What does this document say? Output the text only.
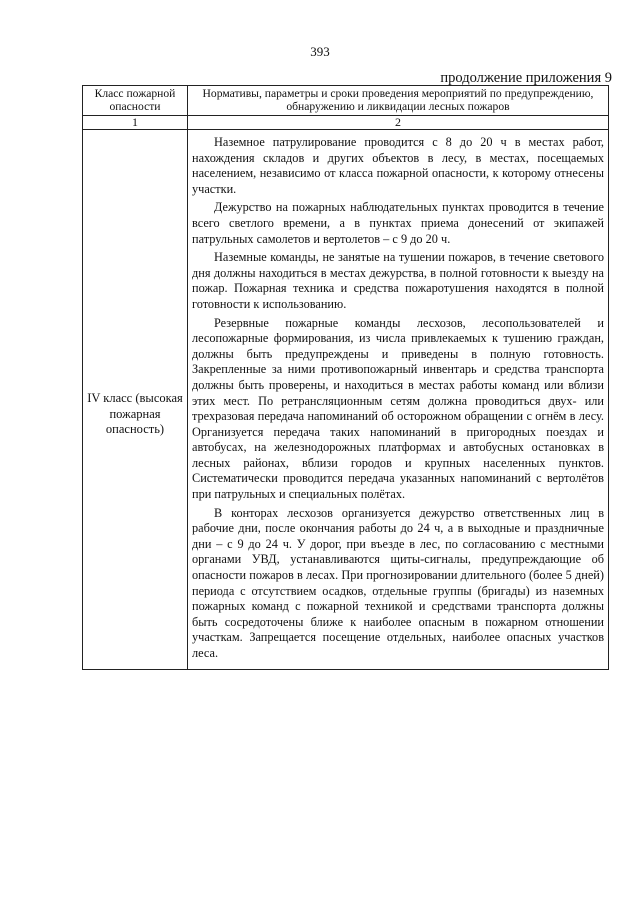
393
продолжение приложения 9
Класс пожарной опасности	Нормативы, параметры и сроки проведения мероприятий по предупреждению, обнаружению и ликвидации лесных пожаров
1	2

IV класс (высокая пожарная опасность)	Наземное патрулирование проводится с 8 до 20 ч в местах работ, нахождения складов и других объектов в лесу, в местах, посещаемых населением, независимо от класса пожарной опасности, к которому отнесены участки.

Дежурство на пожарных наблюдательных пунктах проводится в течение всего светлого времени, а в пунктах приема донесений от экипажей патрульных самолетов и вертолетов – с 9 до 20 ч.

Наземные команды, не занятые на тушении пожаров, в течение светового дня должны находиться в местах дежурства, в полной готовности к выезду на пожар. Пожарная техника и средства пожаротушения находятся в полной готовности к использованию.

Резервные пожарные команды лесхозов, лесопользователей и лесопожарные формирования, из числа привлекаемых к тушению граждан, должны быть предупреждены и приведены в полную готовность. Закрепленные за ними противопожарный инвентарь и средства транспорта должны быть проверены, и находиться в местах работы команд или вблизи этих мест. По ретрансляционным сетям должна проводиться двух- или трехразовая передача напоминаний об осторожном обращении с огнём в лесу. Организуется передача таких напоминаний в пригородных поездах и автобусах, на железнодорожных платформах и автобусных остановках в лесных районах, вблизи городов и крупных населенных пунктов. Систематически проводится передача указанных напоминаний с вертолётов при патрульных и специальных полётах.

В конторах лесхозов организуется дежурство ответственных лиц в рабочие дни, после окончания работы до 24 ч, а в выходные и праздничные дни – с 9 до 24 ч. У дорог, при въезде в лес, по согласованию с местными органами УВД, устанавливаются щиты-сигналы, предупреждающие об опасности пожаров в лесах. При прогнозировании длительного (более 5 дней) периода с отсутствием осадков, отдельные группы (бригады) из наземных пожарных команд с пожарной техникой и средствами транспорта должны быть сосредоточены ближе к наиболее опасным в пожарном отношении участкам. Запрещается посещение отдельных, наиболее опасных участков леса.
